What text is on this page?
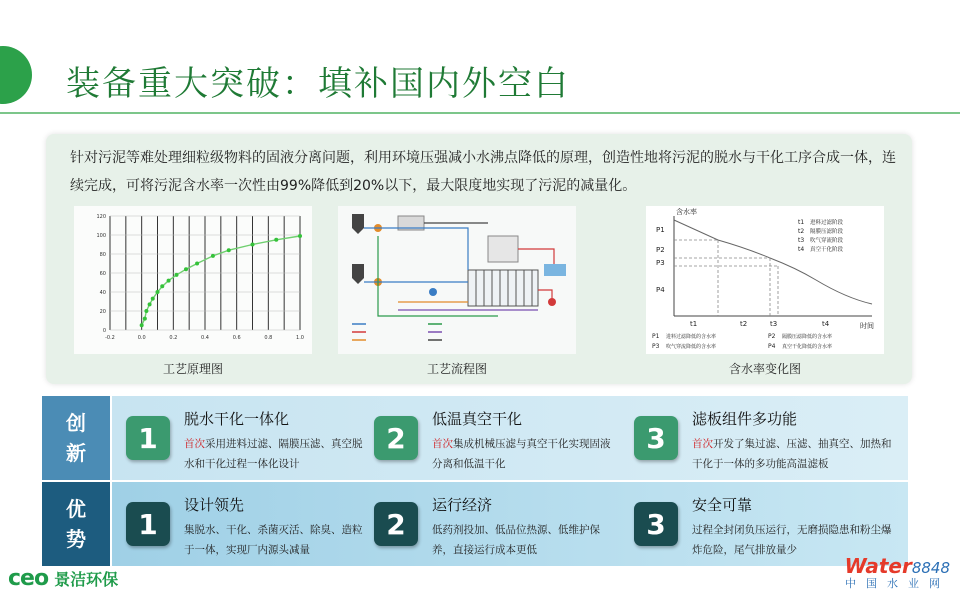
装备重大突破：填补国内外空白
针对污泥等难处理细粒级物料的固液分离问题，利用环境压强减小水沸点降低的原理，创造性地将污泥的脱水与干化工序合成一体，连续完成，可将污泥含水率一次性由99%降低到20%以下，最大限度地实现了污泥的减量化。
0
20
40
60
80
100
120
-0.2	0.0	0.2	0.4	0.6	0.8	1.0
工艺原理图	工艺流程图
含水率
时间
P1
P2
P3
P4
t1	t2	t3	t4
t1 进料过滤阶段
t2 隔膜压滤阶段
t3 吹气穿流阶段
t4 真空干化阶段
P1 进料过滤降低的含水率
P3 吹气穿流降低的含水率
P2 隔膜压滤降低的含水率
P4 真空干化降低的含水率
含水率变化图
创
新	1
脱水干化一体化
首次采用进料过滤、隔膜压滤、真空脱水和干化过程一体化设计
2
低温真空干化
首次集成机械压滤与真空干化实现固液分离和低温干化
3
滤板组件多功能
首次开发了集过滤、压滤、抽真空、加热和干化于一体的多功能高温滤板
优
势	1
设计领先
集脱水、干化、杀菌灭活、除臭、造粒于一体，实现厂内源头减量
2
运行经济
低药剂投加、低品位热源、低维护保养，直接运行成本更低
3
安全可靠
过程全封闭负压运行，无磨损隐患和粉尘爆炸危险，尾气排放量少
ceo 景洁环保
Water8848
中国水业网
